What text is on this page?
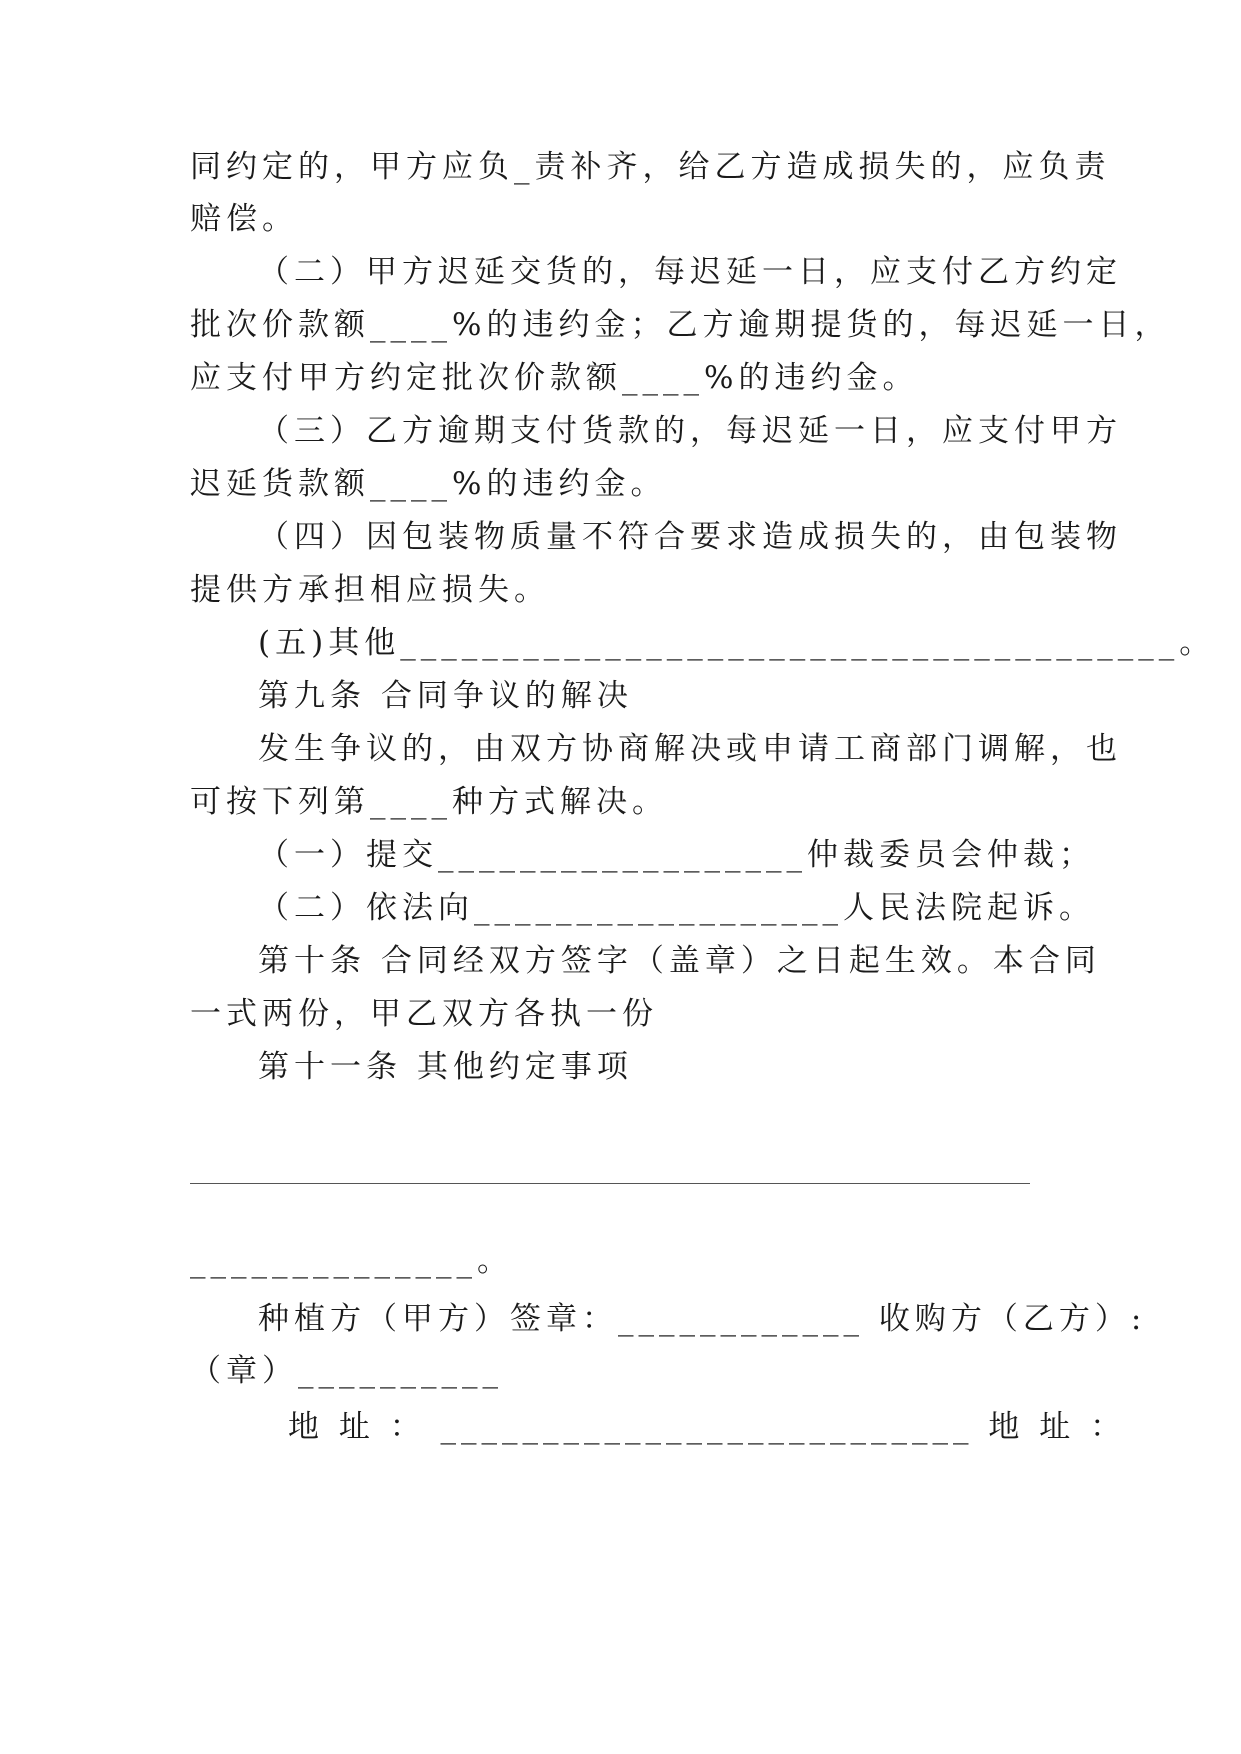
同约定的，甲方应负_责补齐，给乙方造成损失的，应负责
赔偿。
（二）甲方迟延交货的，每迟延一日，应支付乙方约定
批次价款额____%的违约金；乙方逾期提货的，每迟延一日，
应支付甲方约定批次价款额____%的违约金。
（三）乙方逾期支付货款的，每迟延一日，应支付甲方
迟延货款额____%的违约金。
（四）因包装物质量不符合要求造成损失的，由包装物
提供方承担相应损失。
(五)其他______________________________________。
第九条 合同争议的解决
发生争议的，由双方协商解决或申请工商部门调解，也
可按下列第____种方式解决。
（一）提交__________________仲裁委员会仲裁；
（二）依法向__________________人民法院起诉。
第十条 合同经双方签字（盖章）之日起生效。本合同
一式两份，甲乙双方各执一份
第十一条 其他约定事项
______________。
种植方（甲方）签章：____________ 收购方（乙方）:
（章）__________
地 址 ： __________________________ 地 址 ：
